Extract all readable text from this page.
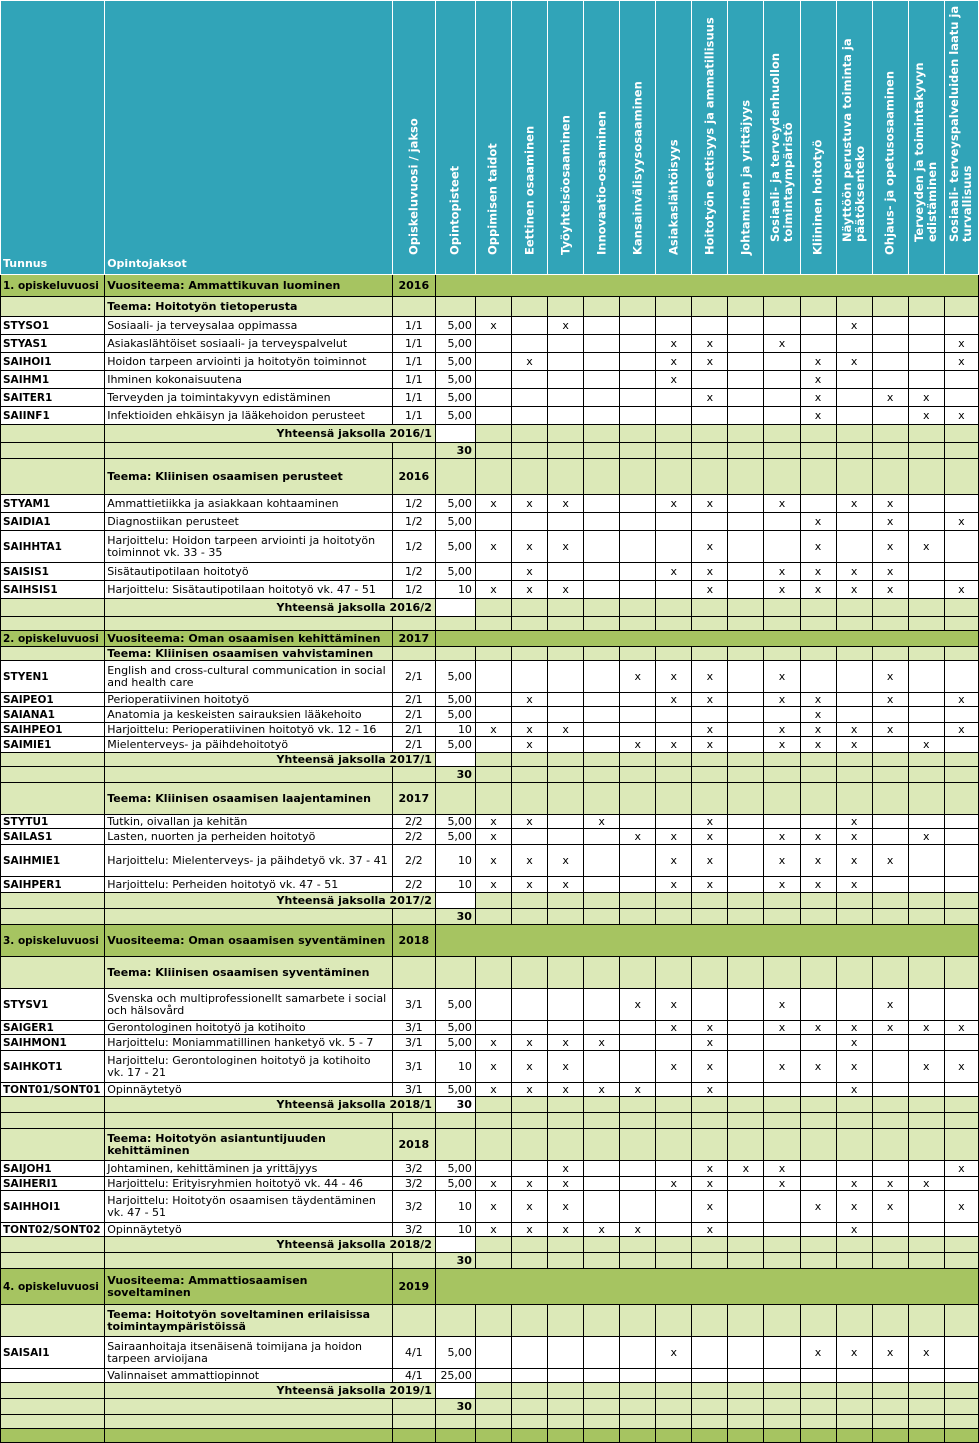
Tunnus	Opintojaksot	Opiskeluvuosi / jakso	Opintopisteet	Oppimisen taidot	Eettinen osaaminen	Työyhteisöosaaminen	Innovaatio-osaaminen	Kansainvälisyysosaaminen	Asiakaslähtöisyys	Hoitotyön eettisyys ja ammatillisuus	Johtaminen ja yrittäjyys	Sosiaali- ja terveydenhuollon toimintaympäristö	Kliininen hoitotyö	Näyttöön perustuva toiminta ja päätöksenteko	Ohjaus- ja opetusosaaminen	Terveyden ja toimintakyvyn edistäminen	Sosiaali- terveyspalveluiden laatu ja turvallisuus

1. opiskeluvuosi	Vuositeema: Ammattikuvan luominen	2016															
	Teema: Hoitotyön tietoperusta																
STYSO1	Sosiaali- ja terveysalaa oppimassa	1/1	5,00	x		x								x			
STYAS1	Asiakaslähtöiset sosiaali- ja terveyspalvelut	1/1	5,00						x	x		x					x
SAIHOI1	Hoidon tarpeen arviointi ja hoitotyön toiminnot	1/1	5,00		x				x	x			x	x			x
SAIHM1	Ihminen kokonaisuutena	1/1	5,00						x				x				
SAITER1	Terveyden ja toimintakyvyn edistäminen	1/1	5,00							x			x		x	x	
SAIINF1	Infektioiden ehkäisyn ja lääkehoidon perusteet	1/1	5,00										x			x	x
	Yhteensä jaksolla 2016/1																
			30														
	Teema: Kliinisen osaamisen perusteet	2016															
STYAM1	Ammattietiikka ja asiakkaan kohtaaminen	1/2	5,00	x	x	x			x	x		x		x	x		
SAIDIA1	Diagnostiikan perusteet	1/2	5,00										x		x		x
SAIHHTA1	Harjoittelu: Hoidon tarpeen arviointi ja hoitotyön toiminnot vk. 33 - 35	1/2	5,00	x	x	x				x			x		x	x	
SAISIS1	Sisätautipotilaan hoitotyö	1/2	5,00		x				x	x		x	x	x	x		
SAIHSIS1	Harjoittelu: Sisätautipotilaan hoitotyö vk. 47 - 51	1/2	10	x	x	x				x		x	x	x	x		x
	Yhteensä jaksolla 2016/2																

2. opiskeluvuosi	Vuositeema: Oman osaamisen kehittäminen	2017															
	Teema: Kliinisen osaamisen vahvistaminen																
STYEN1	English and cross-cultural communication in social and health care	2/1	5,00					x	x	x		x			x		
SAIPEO1	Perioperatiivinen hoitotyö	2/1	5,00		x				x	x		x	x		x		x
SAIANA1	Anatomia ja keskeisten sairauksien lääkehoito	2/1	5,00										x				
SAIHPEO1	Harjoittelu: Perioperatiivinen hoitotyö vk. 12 - 16	2/1	10	x	x	x				x		x	x	x	x		x
SAIMIE1	Mielenterveys- ja päihdehoitotyö	2/1	5,00		x			x	x	x		x	x	x		x	
	Yhteensä jaksolla 2017/1																
			30														
	Teema: Kliinisen osaamisen laajentaminen	2017															
STYTU1	Tutkin, oivallan ja kehitän	2/2	5,00	x	x		x			x				x			
SAILAS1	Lasten, nuorten ja perheiden hoitotyö	2/2	5,00	x				x	x	x		x	x	x		x	
SAIHMIE1	Harjoittelu: Mielenterveys- ja päihdetyö vk. 37 - 41	2/2	10	x	x	x			x	x		x	x	x	x		
SAIHPER1	Harjoittelu: Perheiden hoitotyö vk. 47 - 51	2/2	10	x	x	x			x	x		x	x	x			
	Yhteensä jaksolla 2017/2																
			30														
3. opiskeluvuosi	Vuositeema: Oman osaamisen syventäminen	2018															
	Teema: Kliinisen osaamisen syventäminen																
STYSV1	Svenska och multiprofessionellt samarbete i social och hälsovård	3/1	5,00					x	x			x			x		
SAIGER1	Gerontologinen hoitotyö ja kotihoito	3/1	5,00						x	x		x	x	x	x	x	x
SAIHMON1	Harjoittelu: Moniammatillinen hanketyö vk. 5 - 7	3/1	5,00	x	x	x	x			x				x			
SAIHKOT1	Harjoittelu: Gerontologinen hoitotyö ja kotihoito vk. 17 - 21	3/1	10	x	x	x			x	x		x	x	x		x	x
TONT01/SONT01	Opinnäytetyö	3/1	5,00	x	x	x	x	x		x				x			
	Yhteensä jaksolla 2018/1		30														

	Teema: Hoitotyön asiantuntijuuden kehittäminen	2018															
SAIJOH1	Johtaminen, kehittäminen ja yrittäjyys	3/2	5,00			x				x	x	x					x
SAIHERI1	Harjoittelu: Erityisryhmien hoitotyö vk. 44 - 46	3/2	5,00	x	x	x			x	x		x		x	x	x	
SAIHHOI1	Harjoittelu: Hoitotyön osaamisen täydentäminen vk. 47 - 51	3/2	10	x	x	x				x			x	x	x		x
TONT02/SONT02	Opinnäytetyö	3/2	10	x	x	x	x	x		x				x			
	Yhteensä jaksolla 2018/2																
			30														
4. opiskeluvuosi	Vuositeema: Ammattiosaamisen soveltaminen	2019															
	Teema: Hoitotyön soveltaminen erilaisissa toimintaympäristöissä																
SAISAI1	Sairaanhoitaja itsenäisenä toimijana ja hoidon tarpeen arvioijana	4/1	5,00						x				x	x	x	x	
	Valinnaiset ammattiopinnot	4/1	25,00														
	Yhteensä jaksolla 2019/1																
			30														
